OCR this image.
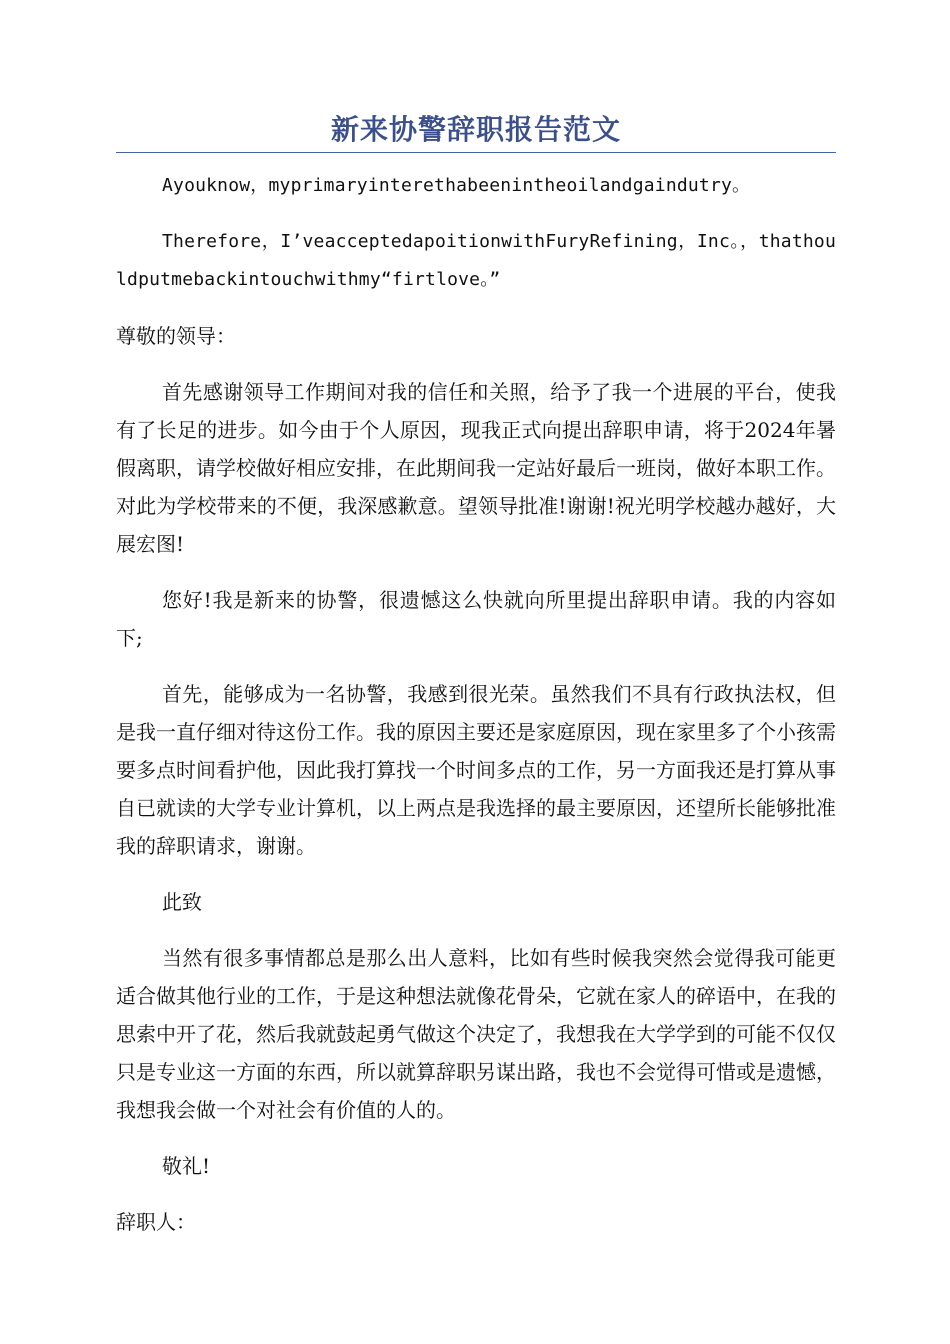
新来协警辞职报告范文

Ayouknow，myprimaryinterethabeenintheoilandgaindutry。

Therefore，I’veacceptedapoitionwithFuryRefining，Inc。，thathouldputmebackintouchwithmy“firtlove。”

尊敬的领导：

首先感谢领导工作期间对我的信任和关照，给予了我一个进展的平台，使我有了长足的进步。如今由于个人原因，现我正式向提出辞职申请，将于2024年暑假离职，请学校做好相应安排，在此期间我一定站好最后一班岗，做好本职工作。对此为学校带来的不便，我深感歉意。望领导批准!谢谢!祝光明学校越办越好，大展宏图!

您好!我是新来的协警，很遗憾这么快就向所里提出辞职申请。我的内容如下;

首先，能够成为一名协警，我感到很光荣。虽然我们不具有行政执法权，但是我一直仔细对待这份工作。我的原因主要还是家庭原因，现在家里多了个小孩需要多点时间看护他，因此我打算找一个时间多点的工作，另一方面我还是打算从事自已就读的大学专业计算机，以上两点是我选择的最主要原因，还望所长能够批准我的辞职请求，谢谢。

此致

当然有很多事情都总是那么出人意料，比如有些时候我突然会觉得我可能更适合做其他行业的工作，于是这种想法就像花骨朵，它就在家人的碎语中，在我的思索中开了花，然后我就鼓起勇气做这个决定了，我想我在大学学到的可能不仅仅只是专业这一方面的东西，所以就算辞职另谋出路，我也不会觉得可惜或是遗憾，我想我会做一个对社会有价值的人的。

敬礼!

辞职人：
